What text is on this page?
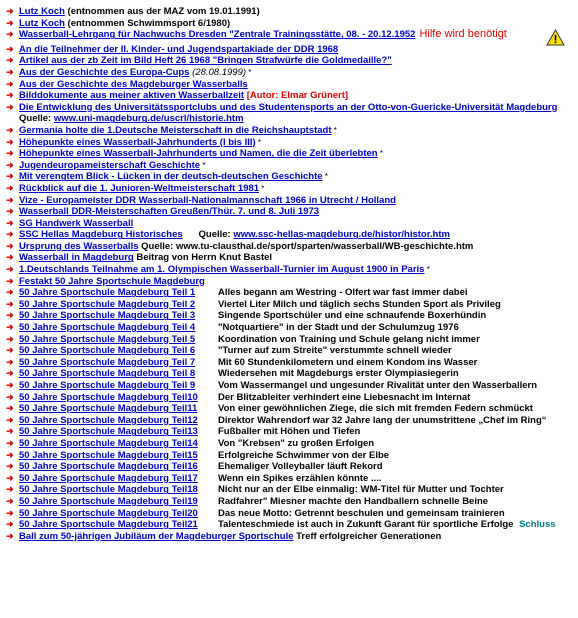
➜ Lutz Koch (entnommen aus der MAZ vom 19.01.1991)
➜ Lutz Koch (entnommen Schwimmsport 6/1980)
➜ Wasserball-Lehrgang für Nachwuchs Dresden "Zentrale Trainingsstätte, 08. - 20.12.1952 Hilfe wird benötigt
➜ An die Teilnehmer der II. Kinder- und Jugendspartakiade der DDR 1968
➜ Artikel aus der zb Zeit im Bild Heft 26 1968 "Bringen Strafwürfe die Goldmedaille?"
➜ Aus der Geschichte des Europa-Cups (28.08.1999) *
➜ Aus der Geschichte des Magdeburger Wasserballs
➜ Bilddokumente aus meiner aktiven Wasserballzeit [Autor: Elmar Grünert]
➜ Die Entwicklung des Universitätssportclubs und des Studentensports an der Otto-von-Guericke-Universität Magdeburg
Quelle: www.uni-magdeburg.de/uscrl/historie.htm
➜ Germania holte die 1.Deutsche Meisterschaft in die Reichshauptstadt *
➜ Höhepunkte eines Wasserball-Jahrhunderts (I bis III) *
➜ Höhepunkte eines Wasserball-Jahrhunderts und Namen, die die Zeit überlebten *
➜ Jugendeuropameisterschaft Geschichte *
➜ Mit verengtem Blick - Lücken in der deutsch-deutschen Geschichte *
➜ Rückblick auf die 1. Junioren-Weltmeisterschaft 1981 *
➜ Vize - Europameister DDR Wasserball-Nationalmannschaft 1966 in Utrecht / Holland
➜ Wasserball DDR-Meisterschaften Greußen/Thür. 7. und 8. Juli 1973
➜ SG Handwerk Wasserball
➜ SSC Hellas Magdeburg Historisches      Quelle: www.ssc-hellas-magdeburg.de/histor/histor.htm
➜ Ursprung des Wasserballs Quelle: www.tu-clausthal.de/sport/sparten/wasserball/WB-geschichte.htm
➜ Wasserball in Magdeburg Beitrag von Herrn Knut Bastel
➜ 1.Deutschlands Teilnahme am 1. Olympischen Wasserball-Turnier im August 1900 in Paris *
➜ Festakt 50 Jahre Sportschule Magdeburg
➜ 50 Jahre Sportschule Magdeburg Teil 1 Alles begann am Westring - Olfert war fast immer dabei
➜ 50 Jahre Sportschule Magdeburg Teil 2 Viertel Liter Milch und täglich sechs Stunden Sport als Privileg
➜ 50 Jahre Sportschule Magdeburg Teil 3 Singende Sportschüler und eine schnaufende Boxerhündin
➜ 50 Jahre Sportschule Magdeburg Teil 4 "Notquartiere" in der Stadt und der Schulumzug 1976
➜ 50 Jahre Sportschule Magdeburg Teil 5 Koordination von Training und Schule gelang nicht immer
➜ 50 Jahre Sportschule Magdeburg Teil 6 "Turner auf zum Streite" verstummte schnell wieder
➜ 50 Jahre Sportschule Magdeburg Teil 7 Mit 60 Stundenkilometern und einem Kondom ins Wasser
➜ 50 Jahre Sportschule Magdeburg Teil 8 Wiedersehen mit Magdeburgs erster Olympiasiegerin
➜ 50 Jahre Sportschule Magdeburg Teil 9 Vom Wassermangel und ungesunder Rivalität unter den Wasserballern
➜ 50 Jahre Sportschule Magdeburg Teil10 Der Blitzableiter verhindert eine Liebesnacht im Internat
➜ 50 Jahre Sportschule Magdeburg Teil11 Von einer gewöhnlichen Ziege, die sich mit fremden Federn schmückt
➜ 50 Jahre Sportschule Magdeburg Teil12 Direktor Wahrendorf war 32 Jahre lang der unumstrittene „Chef im Ring“
➜ 50 Jahre Sportschule Magdeburg Teil13 Fußballer mit Höhen und Tiefen
➜ 50 Jahre Sportschule Magdeburg Teil14 Von "Krebsen" zu großen Erfolgen
➜ 50 Jahre Sportschule Magdeburg Teil15 Erfolgreiche Schwimmer von der Elbe
➜ 50 Jahre Sportschule Magdeburg Teil16 Ehemaliger Volleyballer läuft Rekord
➜ 50 Jahre Sportschule Magdeburg Teil17 Wenn ein Spikes erzählen könnte ....
➜ 50 Jahre Sportschule Magdeburg Teil18 Nicht nur an der Elbe einmalig: WM-Titel für Mutter und Tochter
➜ 50 Jahre Sportschule Magdeburg Teil19 Radfahrer" Miesner machte den Handballern schnelle Beine
➜ 50 Jahre Sportschule Magdeburg Teil20 Das neue Motto: Getrennt beschulen und gemeinsam trainieren
➜ 50 Jahre Sportschule Magdeburg Teil21 Talenteschmiede ist auch in Zukunft Garant für sportliche Erfolge Schluss
➜ Ball zum 50-jährigen Jubiläum der Magdeburger Sportschule Treff erfolgreicher Generationen
